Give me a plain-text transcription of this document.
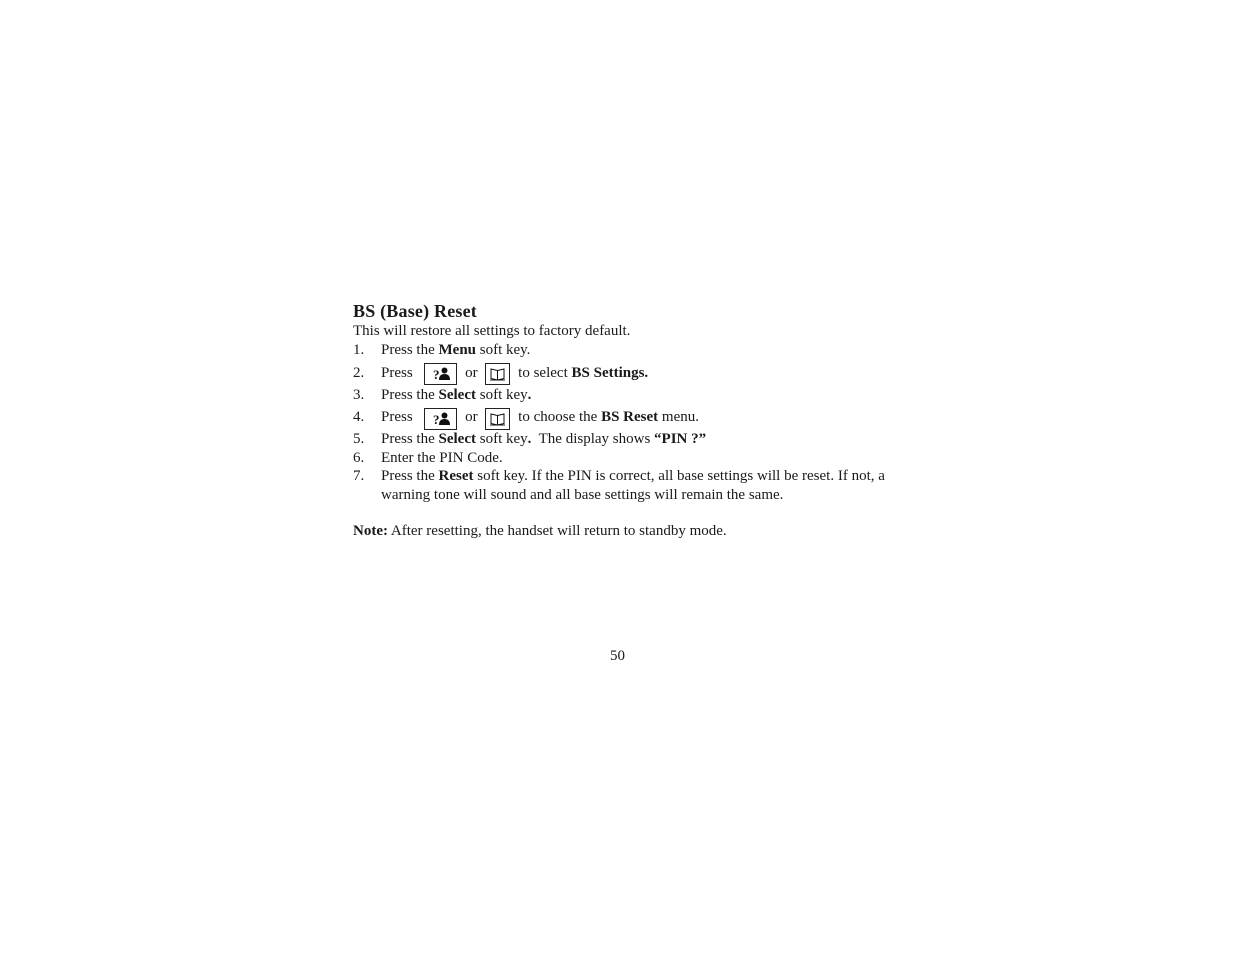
BS (Base) Reset

This will restore all settings to factory default.

1. Press the Menu soft key.
2. Press ? or	to select BS Settings.
3. Press the Select soft key.
4. Press ? or	to choose the BS Reset menu.
5. Press the Select soft key.  The display shows “PIN ?”
6. Enter the PIN Code.
7. Press the Reset soft key. If the PIN is correct, all base settings will be reset. If not, a warning tone will sound and all base settings will remain the same.
Note: After resetting, the handset will return to standby mode.
50
